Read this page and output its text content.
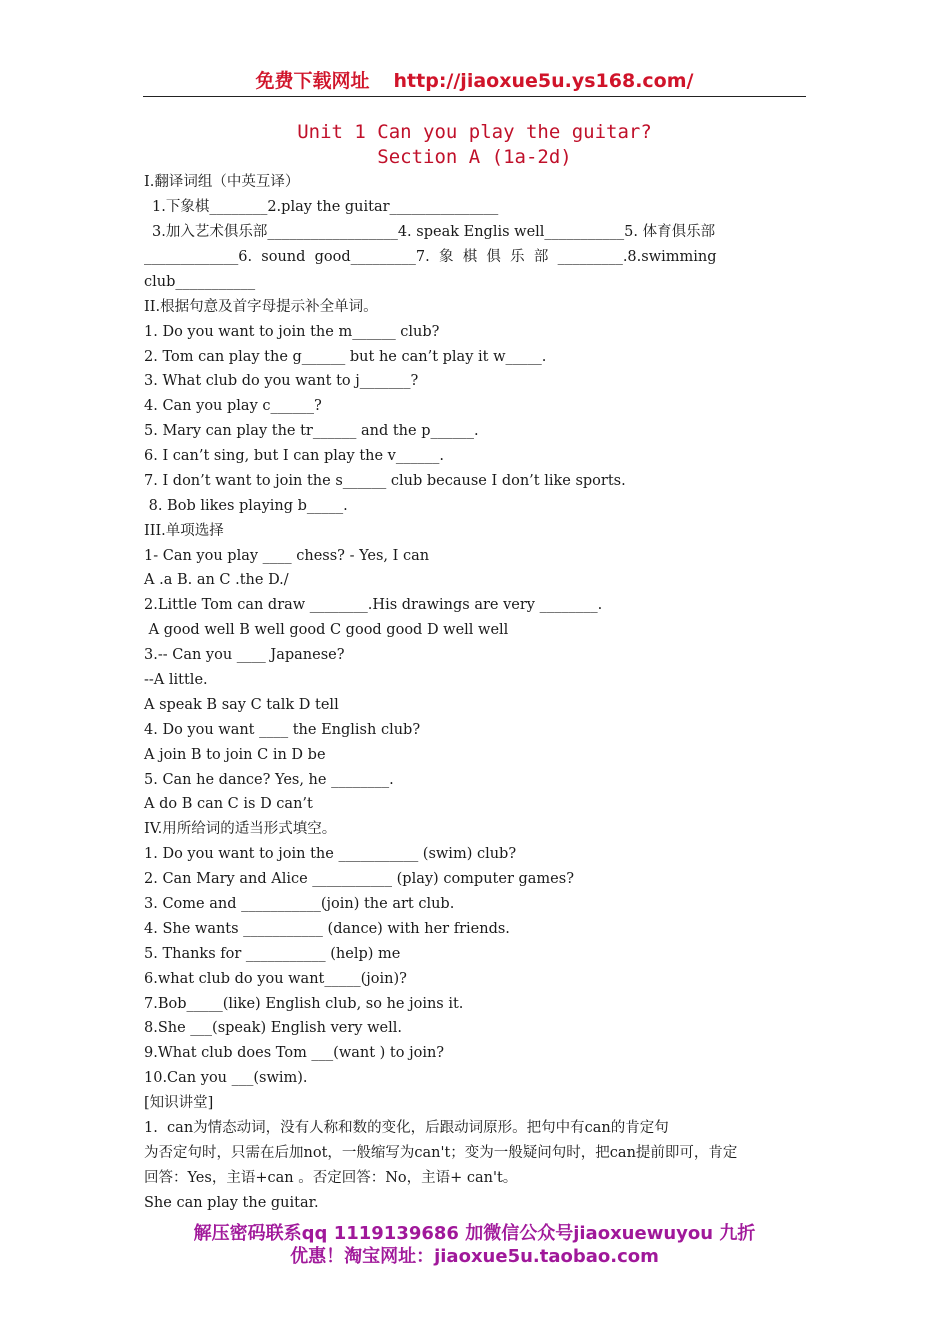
免费下载网址 http://jiaoxue5u.ys168.com/
Unit 1 Can you play the guitar?
Section A (1a-2d)
I.翻译词组（中英互译）
1.下象棋________2.play the guitar_______________
3.加入艺术俱乐部__________________4. speak Englis well___________5. 体育俱乐部
_____________6.  sound  good_________7.  象  棋  俱  乐  部  _________.8.swimming
club___________
II.根据句意及首字母提示补全单词。
1. Do you want to join the m______ club?
2. Tom can play the g______ but he can’t play it w_____.
3. What club do you want to j_______?
4. Can you play c______?
5. Mary can play the tr______ and the p______.
6. I can’t sing, but I can play the v______.
7. I don’t want to join the s______ club because I don’t like sports.
8. Bob likes playing b_____.
III.单项选择
1- Can you play ____ chess? - Yes, I can
A .a B. an C .the D./
2.Little Tom can draw ________.His drawings are very ________.
A good well B well good C good good D well well
3.-- Can you ____ Japanese?
--A little.
A speak B say C talk D tell
4. Do you want ____ the English club?
A join B to join C in D be
5. Can he dance? Yes, he ________.
A do B can C is D can’t
IV.用所给词的适当形式填空。
1. Do you want to join the ___________ (swim) club?
2. Can Mary and Alice ___________ (play) computer games?
3. Come and ___________(join) the art club.
4. She wants ___________ (dance) with her friends.
5. Thanks for ___________ (help) me
6.what club do you want_____(join)?
7.Bob_____(like) English club, so he joins it.
8.She ___(speak) English very well.
9.What club does Tom ___(want ) to join?
10.Can you ___(swim).
[知识讲堂]
1.  can为情态动词，没有人称和数的变化，后跟动词原形。把句中有can的肯定句
为否定句时，只需在后加not，一般缩写为can't；变为一般疑问句时，把can提前即可，肯定
回答：Yes，主语+can 。否定回答：No，主语+ can't。
She can play the guitar.
解压密码联系qq 1119139686 加微信公众号jiaoxuewuyou 九折
优惠！淘宝网址：jiaoxue5u.taobao.com
